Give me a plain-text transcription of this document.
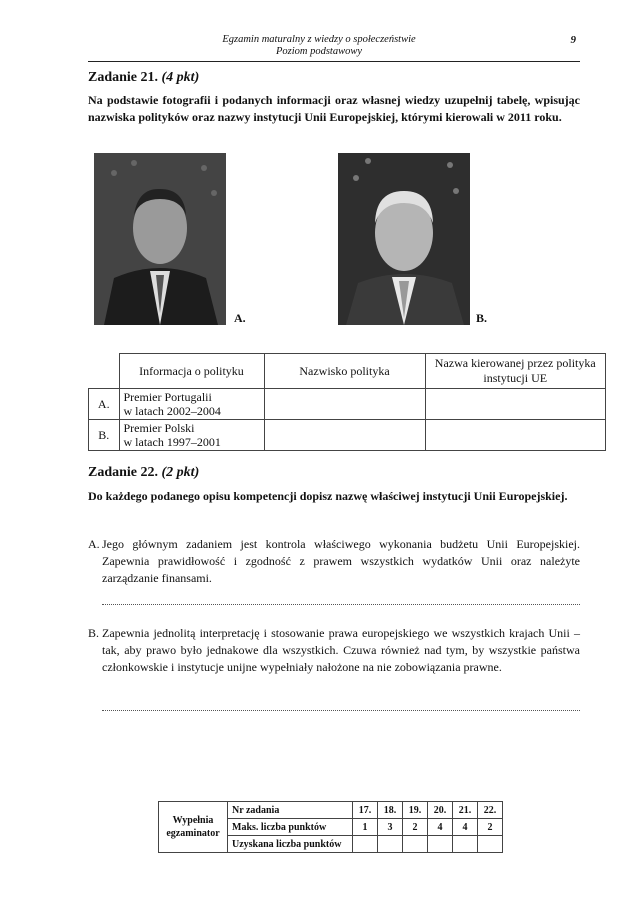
Egzamin maturalny z wiedzy o społeczeństwie
Poziom podstawowy
9
Zadanie 21. (4 pkt)
Na podstawie fotografii i podanych informacji oraz własnej wiedzy uzupełnij tabelę, wpisując nazwiska polityków oraz nazwy instytucji Unii Europejskiej, którymi kierowali w 2011 roku.
A.	B.
	Informacja o polityku	Nazwisko polityka	Nazwa kierowanej przez polityka instytucji UE
A.	Premier Portugalii
w latach 2002–2004		

B.	Premier Polski
w latach 1997–2001		

Zadanie 22. (2 pkt)
Do każdego podanego opisu kompetencji dopisz nazwę właściwej instytucji Unii Europejskiej.
A. Jego głównym zadaniem jest kontrola właściwego wykonania budżetu Unii Europejskiej. Zapewnia prawidłowość i zgodność z prawem wszystkich wydatków Unii oraz należyte zarządzanie finansami.
B. Zapewnia jednolitą interpretację i stosowanie prawa europejskiego we wszystkich krajach Unii – tak, aby prawo było jednakowe dla wszystkich. Czuwa również nad tym, by wszystkie państwa członkowskie i instytucje unijne wypełniały nałożone na nie zobowiązania prawne.
Wypełnia
egzaminator	Nr zadania	17.	18.	19.	20.	21.	22.
	Maks. liczba punktów	1	3	2	4	4	2
	Uzyskana liczba punktów						
